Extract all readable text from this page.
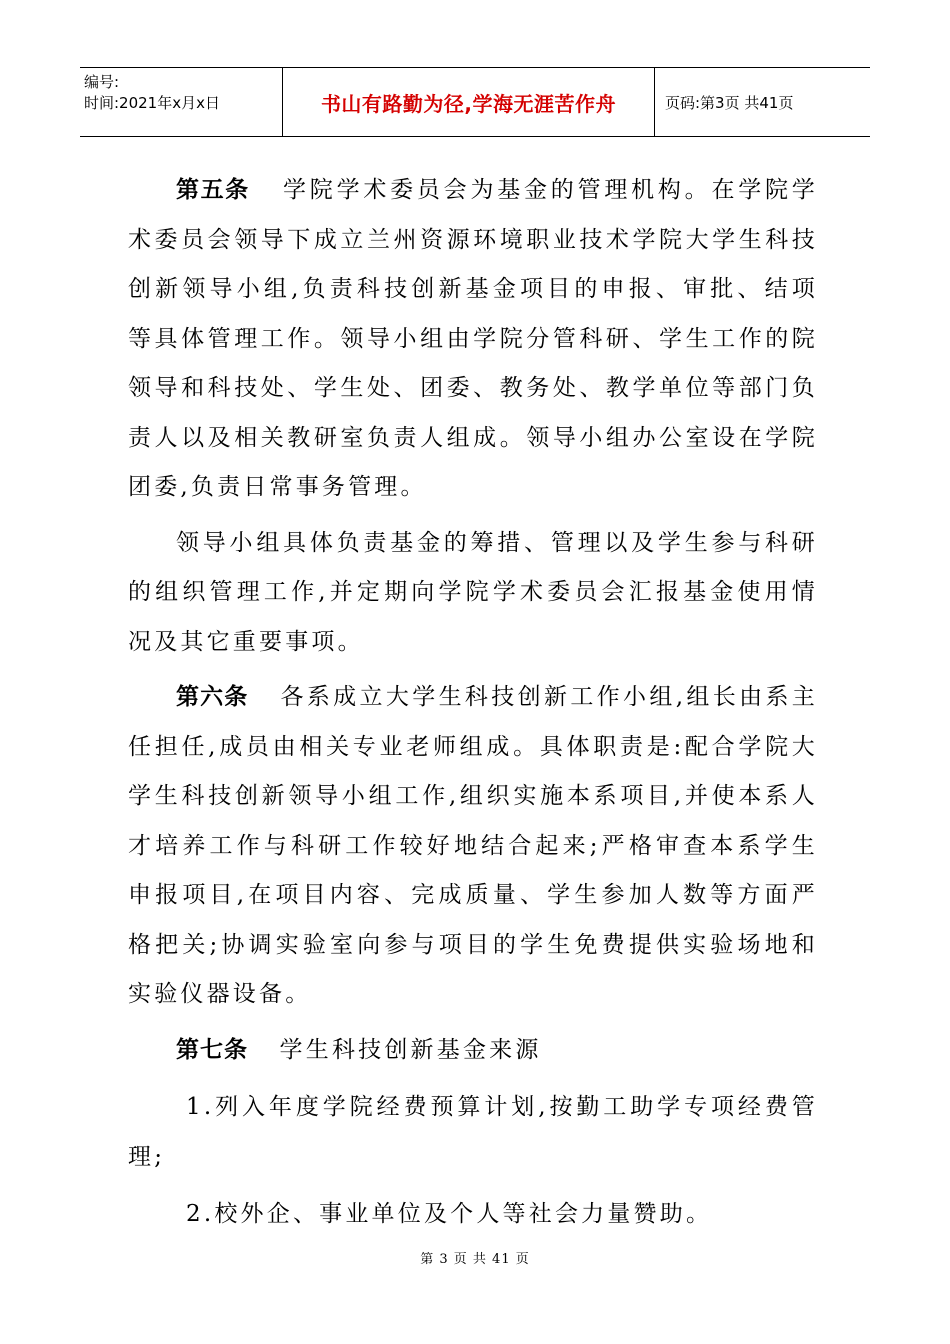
编号:
时间:2021年x月x日	书山有路勤为径,学海无涯苦作舟	页码:第3页 共41页

第五条 学院学术委员会为基金的管理机构。在学院学术委员会领导下成立兰州资源环境职业技术学院大学生科技创新领导小组,负责科技创新基金项目的申报、审批、结项等具体管理工作。领导小组由学院分管科研、学生工作的院领导和科技处、学生处、团委、教务处、教学单位等部门负责人以及相关教研室负责人组成。领导小组办公室设在学院团委,负责日常事务管理。

领导小组具体负责基金的筹措、管理以及学生参与科研的组织管理工作,并定期向学院学术委员会汇报基金使用情况及其它重要事项。

第六条 各系成立大学生科技创新工作小组,组长由系主任担任,成员由相关专业老师组成。具体职责是:配合学院大学生科技创新领导小组工作,组织实施本系项目,并使本系人才培养工作与科研工作较好地结合起来;严格审查本系学生申报项目,在项目内容、完成质量、学生参加人数等方面严格把关;协调实验室向参与项目的学生免费提供实验场地和实验仪器设备。

第七条 学生科技创新基金来源

1.列入年度学院经费预算计划,按勤工助学专项经费管理;

2.校外企、事业单位及个人等社会力量赞助。

第 3 页 共 41 页
